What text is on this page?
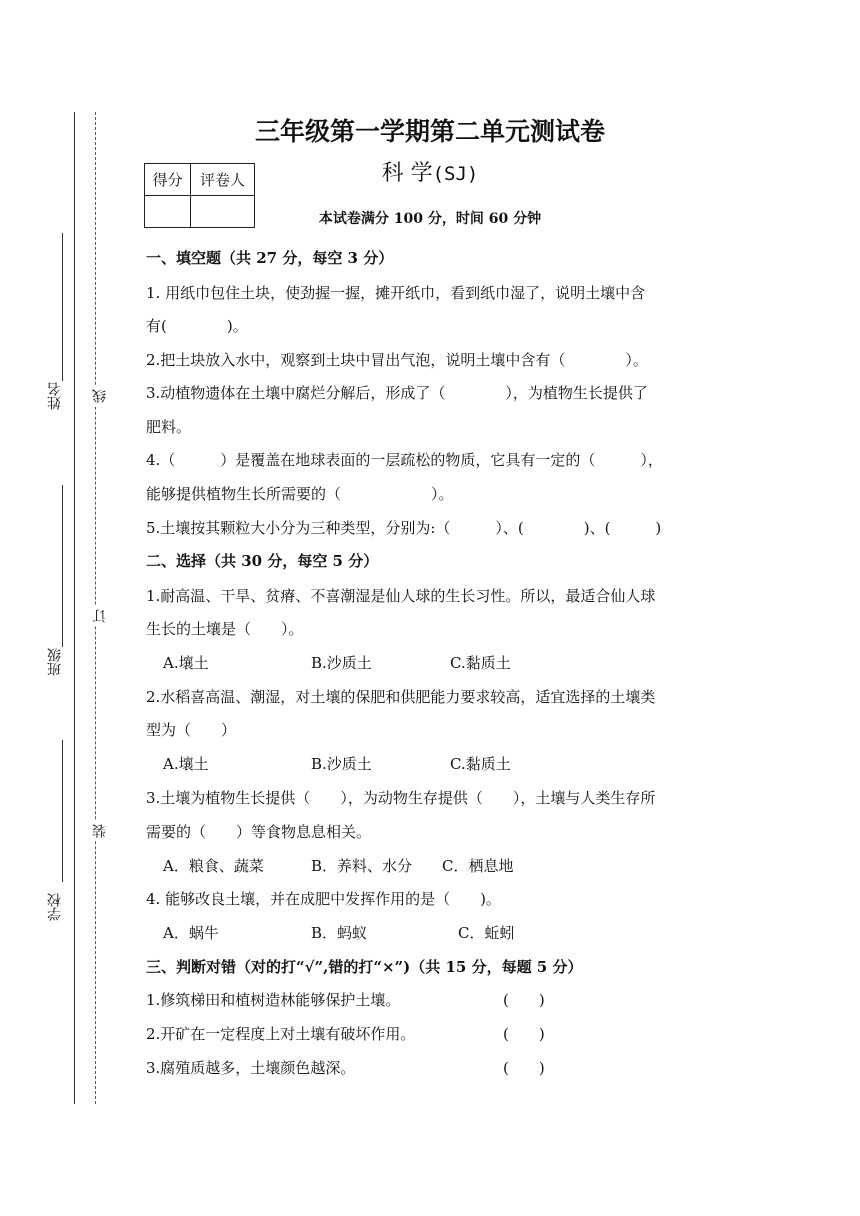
姓名
班级
学校
线
订
装
三年级第一学期第二单元测试卷
科 学(SJ)
得分	评卷人

本试卷满分 100 分，时间 60 分钟
一、填空题（共 27 分，每空 3 分）
1. 用纸巾包住土块，使劲握一握，摊开纸巾，看到纸巾湿了，说明土壤中含
有(　　　　)。
2.把土块放入水中，观察到土块中冒出气泡，说明土壤中含有（　　　　）。
3.动植物遗体在土壤中腐烂分解后，形成了（　　　　），为植物生长提供了
肥料。
4.（　　　）是覆盖在地球表面的一层疏松的物质，它具有一定的（　　　），
能够提供植物生长所需要的（　　　　　　）。
5.土壤按其颗粒大小分为三种类型，分别为:（　　　）、(　　　　)、(　　　)
二、选择（共 30 分，每空 5 分）
1.耐高温、干旱、贫瘠、不喜潮湿是仙人球的生长习性。所以，最适合仙人球
生长的土壤是（　　）。
A.壤土	B.沙质土	C.黏质土
2.水稻喜高温、潮湿，对土壤的保肥和供肥能力要求较高，适宜选择的土壤类
型为（　　）
A.壤土	B.沙质土	C.黏质土
3.土壤为植物生长提供（　　），为动物生存提供（　　），土壤与人类生存所
需要的（　　）等食物息息相关。
A．粮食、蔬菜	B．养料、水分 C．栖息地
4. 能够改良土壤，并在成肥中发挥作用的是（　　)。
A．蜗牛	B．蚂蚁	C．蚯蚓
三、判断对错（对的打“√”,错的打“×”)（共 15 分，每题 5 分）
1.修筑梯田和植树造林能够保护土壤。	(　　)
2.开矿在一定程度上对土壤有破坏作用。	(　　)
3.腐殖质越多，土壤颜色越深。	(　　)
